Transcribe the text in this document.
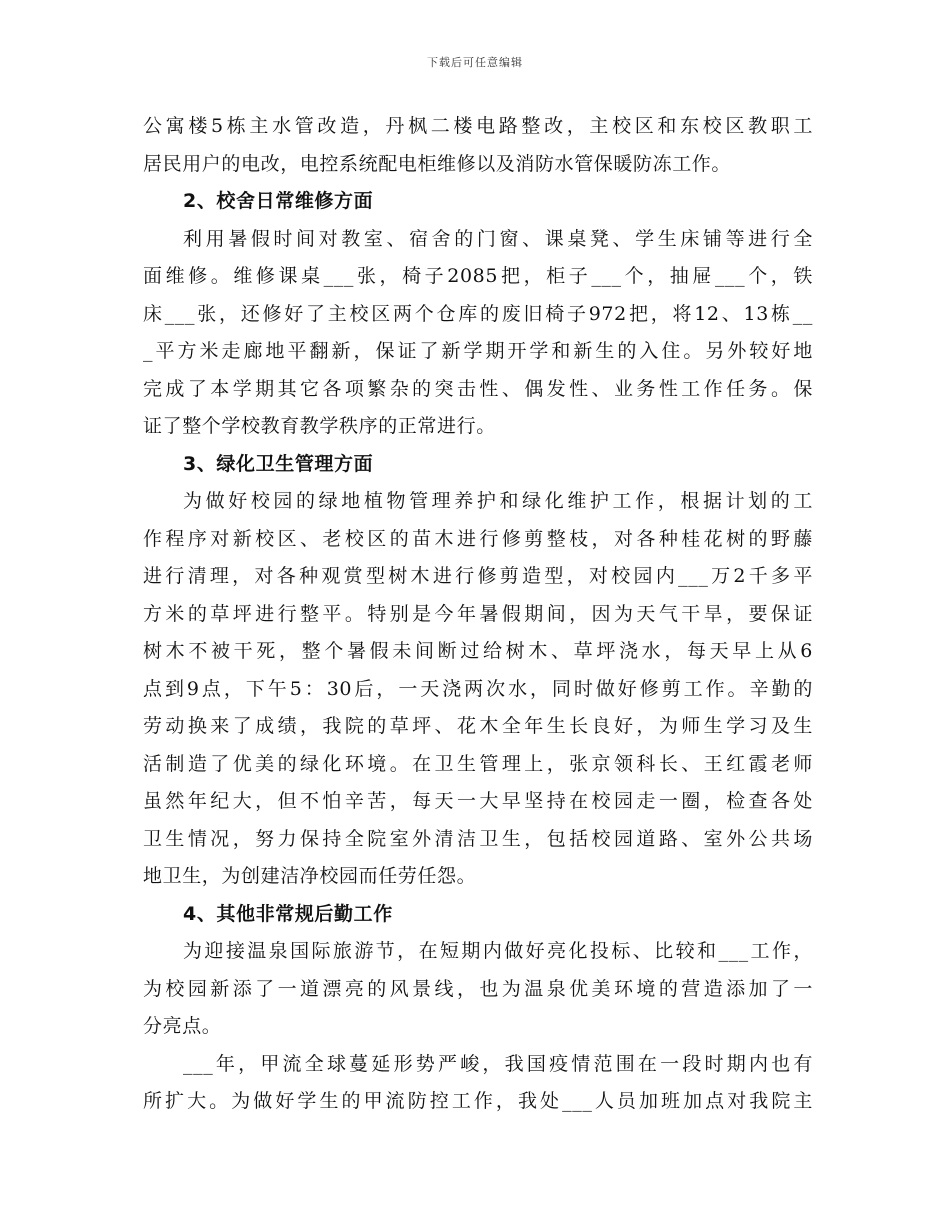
下载后可任意编辑
公寓楼5栋主水管改造，丹枫二楼电路整改，主校区和东校区教职工
居民用户的电改，电控系统配电柜维修以及消防水管保暖防冻工作。
2、校舍日常维修方面
利用暑假时间对教室、宿舍的门窗、课桌凳、学生床铺等进行全
面维修。维修课桌___张，椅子2085把，柜子___个，抽屉___个，铁
床___张，还修好了主校区两个仓库的废旧椅子972把，将12、13栋__
_平方米走廊地平翻新，保证了新学期开学和新生的入住。另外较好地
完成了本学期其它各项繁杂的突击性、偶发性、业务性工作任务。保
证了整个学校教育教学秩序的正常进行。
3、绿化卫生管理方面
为做好校园的绿地植物管理养护和绿化维护工作，根据计划的工
作程序对新校区、老校区的苗木进行修剪整枝，对各种桂花树的野藤
进行清理，对各种观赏型树木进行修剪造型，对校园内___万2千多平
方米的草坪进行整平。特别是今年暑假期间，因为天气干旱，要保证
树木不被干死，整个暑假未间断过给树木、草坪浇水，每天早上从6
点到9点，下午5：30后，一天浇两次水，同时做好修剪工作。辛勤的
劳动换来了成绩，我院的草坪、花木全年生长良好，为师生学习及生
活制造了优美的绿化环境。在卫生管理上，张京领科长、王红霞老师
虽然年纪大，但不怕辛苦，每天一大早坚持在校园走一圈，检查各处
卫生情况，努力保持全院室外清洁卫生，包括校园道路、室外公共场
地卫生，为创建洁净校园而任劳任怨。
4、其他非常规后勤工作
为迎接温泉国际旅游节，在短期内做好亮化投标、比较和___工作，
为校园新添了一道漂亮的风景线，也为温泉优美环境的营造添加了一
分亮点。
___年，甲流全球蔓延形势严峻，我国疫情范围在一段时期内也有
所扩大。为做好学生的甲流防控工作，我处___人员加班加点对我院主
